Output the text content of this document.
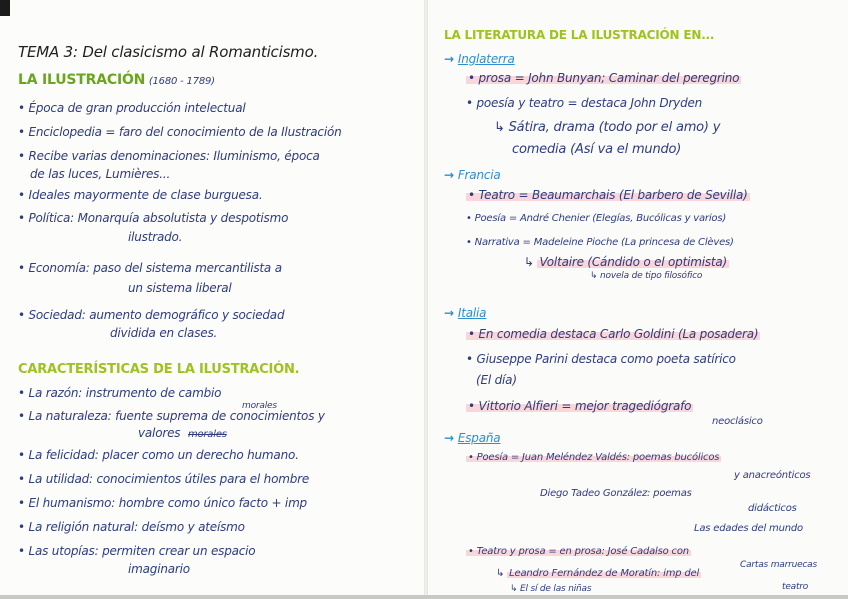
TEMA 3: Del clasicismo al Romanticismo.
LA ILUSTRACIÓN (1680 - 1789)
• Época de gran producción intelectual
• Enciclopedia = faro del conocimiento de la Ilustración
• Recibe varias denominaciones: Iluminismo, época
de las luces, Lumières...
• Ideales mayormente de clase burguesa.
• Política: Monarquía absolutista y despotismo
ilustrado.
• Economía: paso del sistema mercantilista a
un sistema liberal
• Sociedad: aumento demográfico y sociedad
dividida en clases.
CARACTERÍSTICAS DE LA ILUSTRACIÓN.
• La razón: instrumento de cambio
• La naturaleza: fuente suprema de conocimientos y
morales
valores morales
• La felicidad: placer como un derecho humano.
• La utilidad: conocimientos útiles para el hombre
• El humanismo: hombre como único facto + imp
• La religión natural: deísmo y ateísmo
• Las utopías: permiten crear un espacio
imaginario
LA LITERATURA DE LA ILUSTRACIÓN EN...
→ Inglaterra
• prosa = John Bunyan; Caminar del peregrino
• poesía y teatro = destaca John Dryden
↳ Sátira, drama (todo por el amo) y
comedia (Así va el mundo)
→ Francia
• Teatro = Beaumarchais (El barbero de Sevilla)
• Poesía = André Chenier (Elegías, Bucólicas y varios)
• Narrativa = Madeleine Pioche (La princesa de Clèves)
↳ Voltaire (Cándido o el optimista)
↳ novela de tipo filosófico
→ Italia
• En comedia destaca Carlo Goldini (La posadera)
• Giuseppe Parini destaca como poeta satírico
(El día)
• Vittorio Alfieri = mejor tragediógrafo
neoclásico
→ España
• Poesía = Juan Meléndez Valdés: poemas bucólicos
y anacreónticos
Diego Tadeo González: poemas
didácticos
Las edades del mundo
• Teatro y prosa = en prosa: José Cadalso con
Cartas marruecas
↳ Leandro Fernández de Moratín: imp del
teatro
↳ El sí de las niñas
